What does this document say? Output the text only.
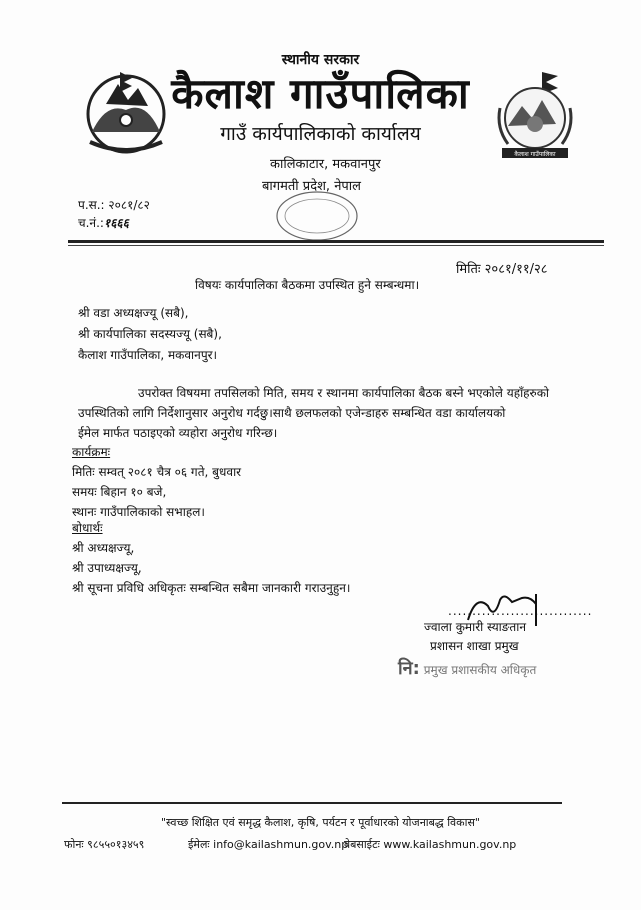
कैलाश गाउँपालिका
स्थानीय सरकार
कैलाश गाउँपालिका
गाउँ कार्यपालिकाको कार्यालय
कालिकाटार, मकवानपुर
बागमती प्रदेश, नेपाल
प.स.: २०८१/८२
च.नं.:१६६६
मितिः २०८१/११/२८
विषयः कार्यपालिका बैठकमा उपस्थित हुने सम्बन्धमा।
श्री वडा अध्यक्षज्यू (सबै),
श्री कार्यपालिका सदस्यज्यू (सबै),
कैलाश गाउँपालिका, मकवानपुर।
उपरोक्त विषयमा तपसिलको मिति, समय र स्थानमा कार्यपालिका बैठक बस्ने भएकोले यहाँहरुको
उपस्थितिको लागि निर्देशानुसार अनुरोध गर्दछु।साथै छलफलको एजेन्डाहरु सम्बन्धित वडा कार्यालयको
ईमेल मार्फत पठाइएको व्यहोरा अनुरोध गरिन्छ।
कार्यक्रमः
मितिः सम्वत् २०८१ चैत्र ०६ गते, बुधवार
समयः बिहान १० बजे,
स्थानः गाउँपालिकाको सभाहल।
बोधार्थः
श्री अध्यक्षज्यू,
श्री उपाध्यक्षज्यू,
श्री सूचना प्रविधि अधिकृतः सम्बन्धित सबैमा जानकारी गराउनुहुन।
..............................
ज्वाला कुमारी स्याङतान
प्रशासन शाखा प्रमुख
नि: प्रमुख प्रशासकीय अधिकृत
"स्वच्छ शिक्षित एवं समृद्ध कैलाश, कृषि, पर्यटन र पूर्वाधारको योजनाबद्ध विकास"
फोनः ९८५५०१३४५९	ईमेलः info@kailashmun.gov.np
वेबसाईटः www.kailashmun.gov.np
